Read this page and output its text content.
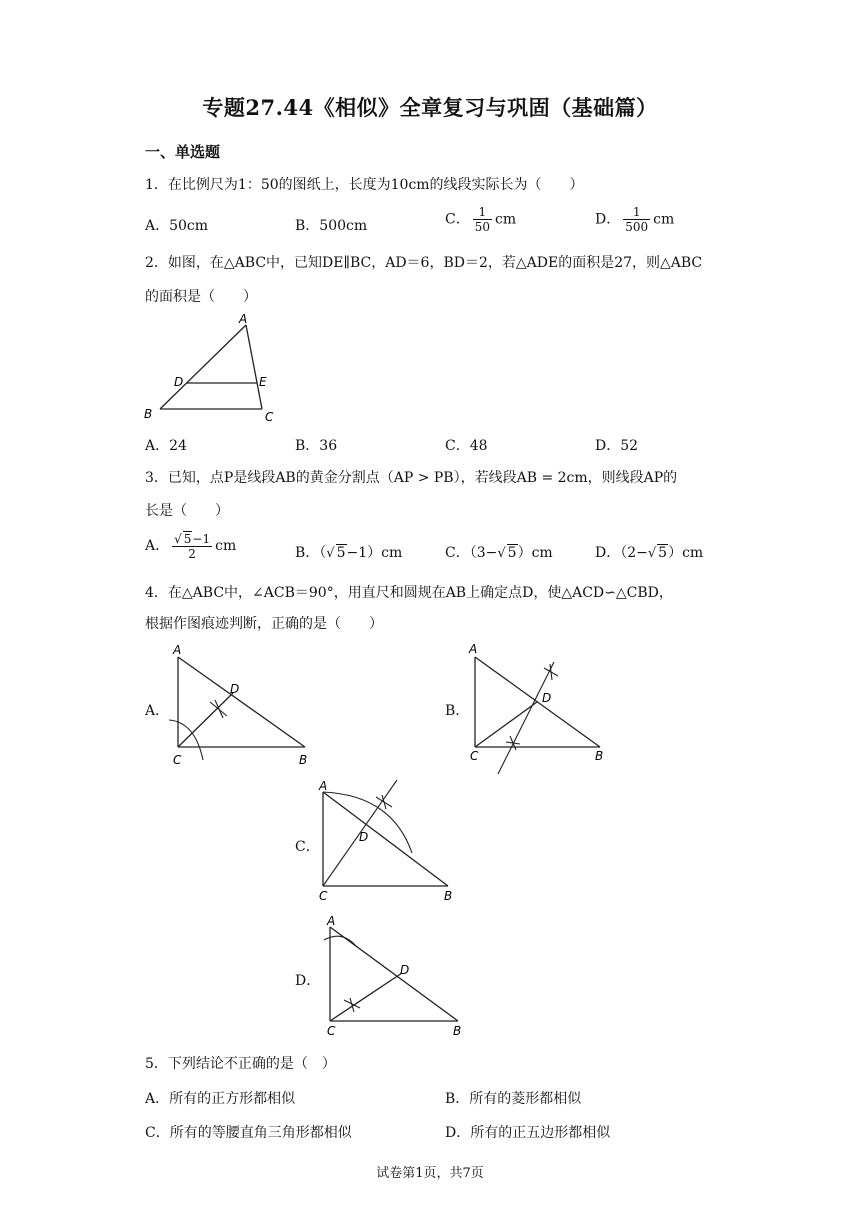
专题27.44《相似》全章复习与巩固（基础篇）
一、单选题
1．在比例尺为1：50的图纸上，长度为10cm的线段实际长为（　　）
A．50cm	B．500cm	C． $\frac{1}{50}$ cm	D． $\frac{1}{500}$ cm
2．如图，在△ABC中，已知DE∥BC，AD＝6，BD＝2，若△ADE的面积是27，则△ABC
的面积是（　　）
A
B	C
D	E
A．24	B．36	C．48	D．52
3．已知，点P是线段AB的黄金分割点（AP > PB），若线段AB = 2cm，则线段AP的
长是（　　）
A． $\frac{√ 5-1}{2}$ cm	B．（√ 5−1）cm	C．（3−√ 5）cm	D．（2−√ 5）cm
4．在△ABC中，∠ACB＝90°，用直尺和圆规在AB上确定点D，使△ACD∽△CBD，
根据作图痕迹判断，正确的是（　　）
A．
A
C	B
D
B．
A
C	B
D
C．
A
C	B
D
D．
A
C	B
D
5．下列结论不正确的是（　）
A．所有的正方形都相似	B．所有的菱形都相似
C．所有的等腰直角三角形都相似	D．所有的正五边形都相似
试卷第1页，共7页
